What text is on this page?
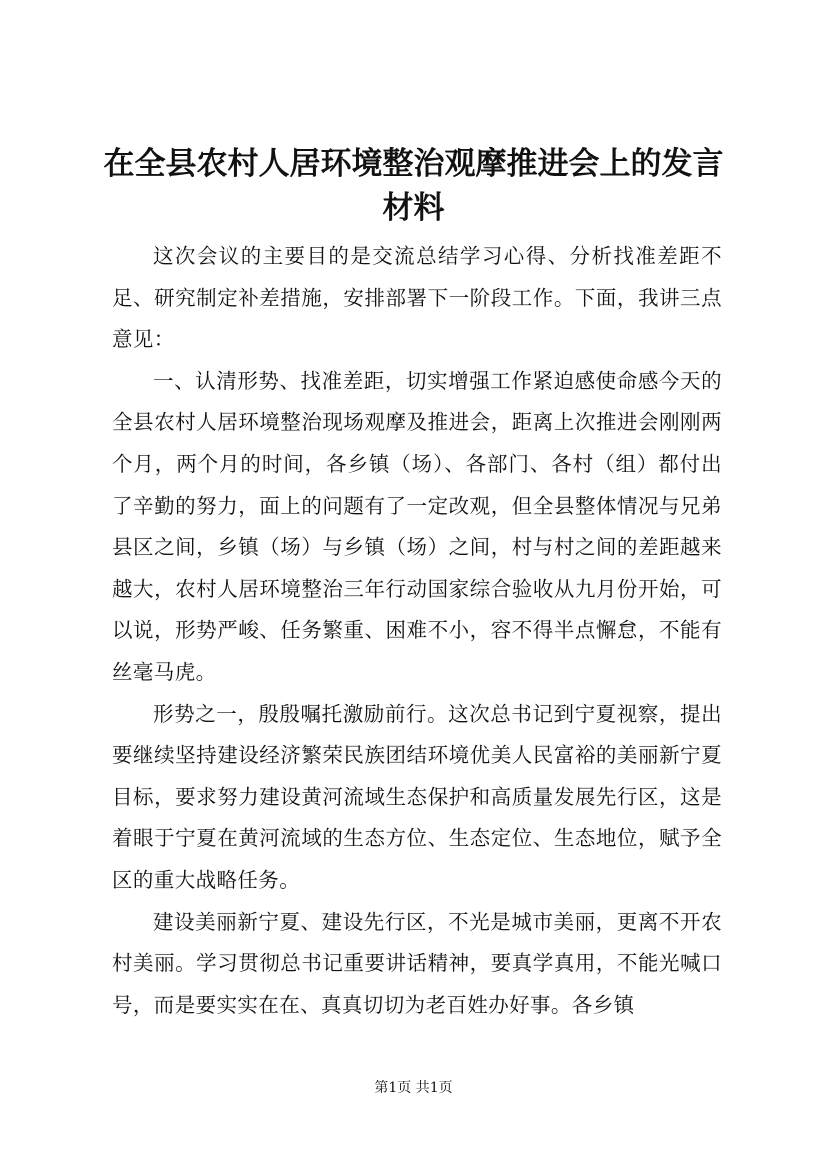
在全县农村人居环境整治观摩推进会上的发言材料

这次会议的主要目的是交流总结学习心得、分析找准差距不足、研究制定补差措施，安排部署下一阶段工作。下面，我讲三点意见：

一、认清形势、找准差距，切实增强工作紧迫感使命感今天的全县农村人居环境整治现场观摩及推进会，距离上次推进会刚刚两个月，两个月的时间，各乡镇（场）、各部门、各村（组）都付出了辛勤的努力，面上的问题有了一定改观，但全县整体情况与兄弟县区之间，乡镇（场）与乡镇（场）之间，村与村之间的差距越来越大，农村人居环境整治三年行动国家综合验收从九月份开始，可以说，形势严峻、任务繁重、困难不小，容不得半点懈怠，不能有丝毫马虎。

形势之一，殷殷嘱托激励前行。这次总书记到宁夏视察，提出要继续坚持建设经济繁荣民族团结环境优美人民富裕的美丽新宁夏目标，要求努力建设黄河流域生态保护和高质量发展先行区，这是着眼于宁夏在黄河流域的生态方位、生态定位、生态地位，赋予全区的重大战略任务。

建设美丽新宁夏、建设先行区，不光是城市美丽，更离不开农村美丽。学习贯彻总书记重要讲话精神，要真学真用，不能光喊口号，而是要实实在在、真真切切为老百姓办好事。各乡镇

第1页 共1页
